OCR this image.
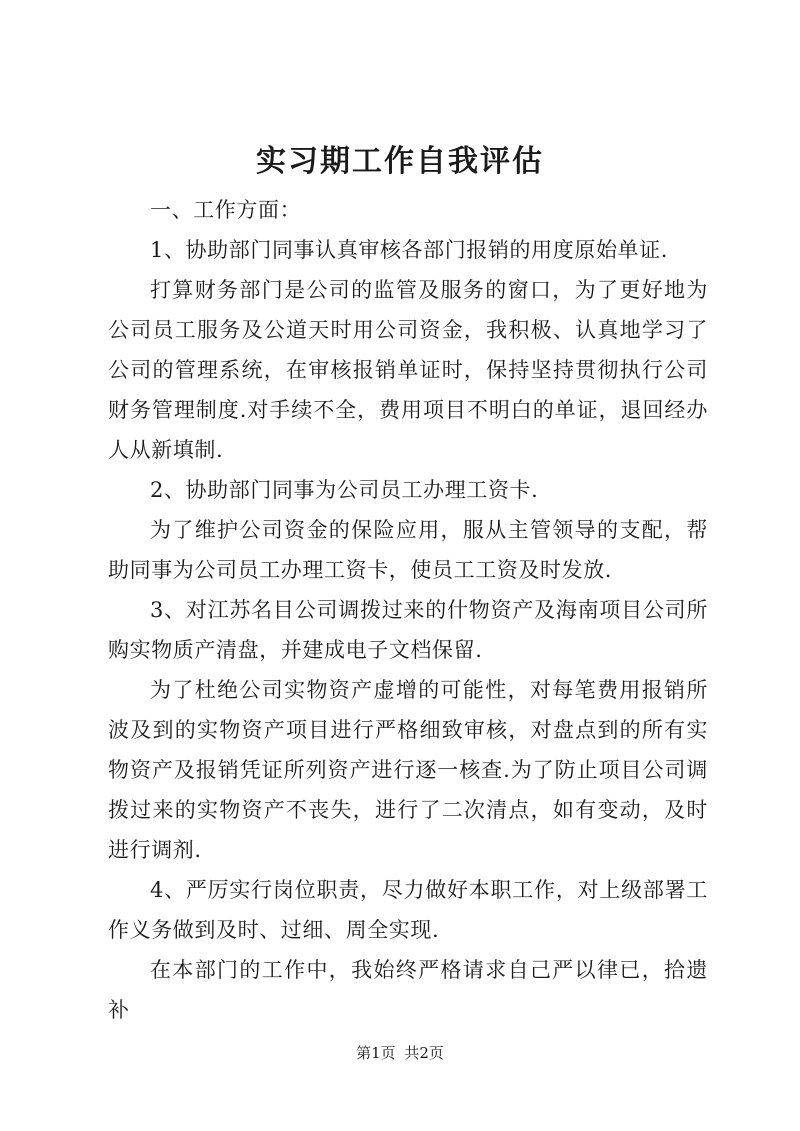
实习期工作自我评估

一、工作方面：

1、协助部门同事认真审核各部门报销的用度原始单证.

打算财务部门是公司的监管及服务的窗口，为了更好地为公司员工服务及公道天时用公司资金，我积极、认真地学习了公司的管理系统，在审核报销单证时，保持坚持贯彻执行公司财务管理制度.对手续不全，费用项目不明白的单证，退回经办人从新填制.

2、协助部门同事为公司员工办理工资卡.

为了维护公司资金的保险应用，服从主管领导的支配，帮助同事为公司员工办理工资卡，使员工工资及时发放.

3、对江苏名目公司调拨过来的什物资产及海南项目公司所购实物质产清盘，并建成电子文档保留.

为了杜绝公司实物资产虚增的可能性，对每笔费用报销所波及到的实物资产项目进行严格细致审核，对盘点到的所有实物资产及报销凭证所列资产进行逐一核查.为了防止项目公司调拨过来的实物资产不丧失，进行了二次清点，如有变动，及时进行调剂.

4、严厉实行岗位职责，尽力做好本职工作，对上级部署工作义务做到及时、过细、周全实现.

在本部门的工作中，我始终严格请求自己严以律已，拾遗补

第1页 共2页
